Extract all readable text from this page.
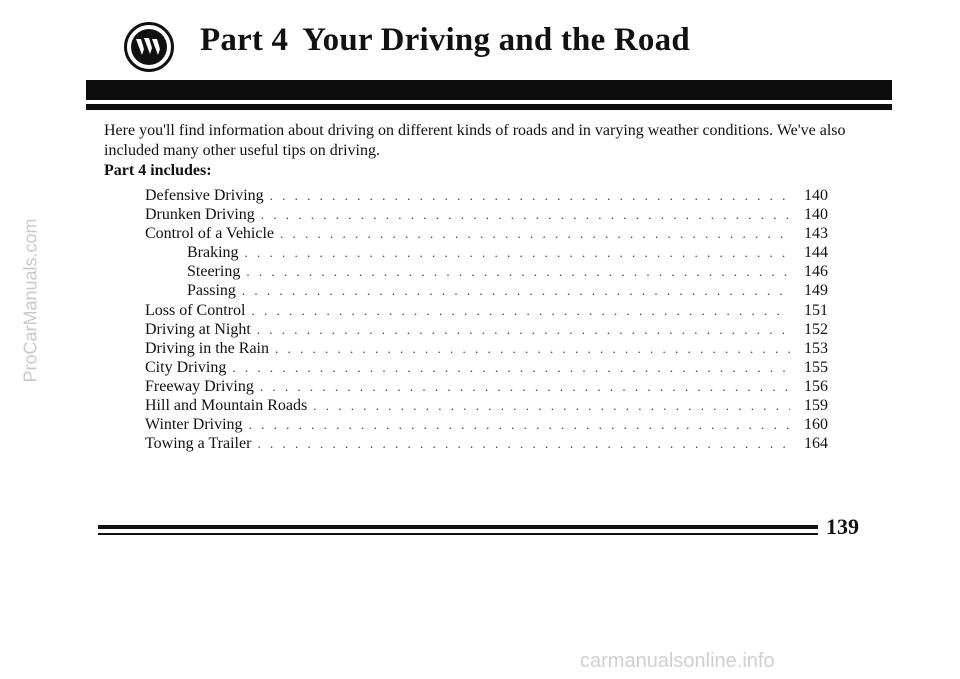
Part 4 Your Driving and the Road

Here you'll find information about driving on different kinds of roads and in varying weather conditions. We've also included many other useful tips on driving.

Part 4 includes:
Defensive Driving . . .	140
Drunken Driving . . .	140
Control of a Vehicle . . .	143
Braking . . .	144
Steering . . .	146
Passing . . .	149
Loss of Control . . .	151
Driving at Night . . .	152
Driving in the Rain . . .	153
City Driving . . .	155
Freeway Driving . . .	156
Hill and Mountain Roads . . .	159
Winter Driving . . .	160
Towing a Trailer . . .	164
139
ProCarManuals.com
carmanualsonline.info
